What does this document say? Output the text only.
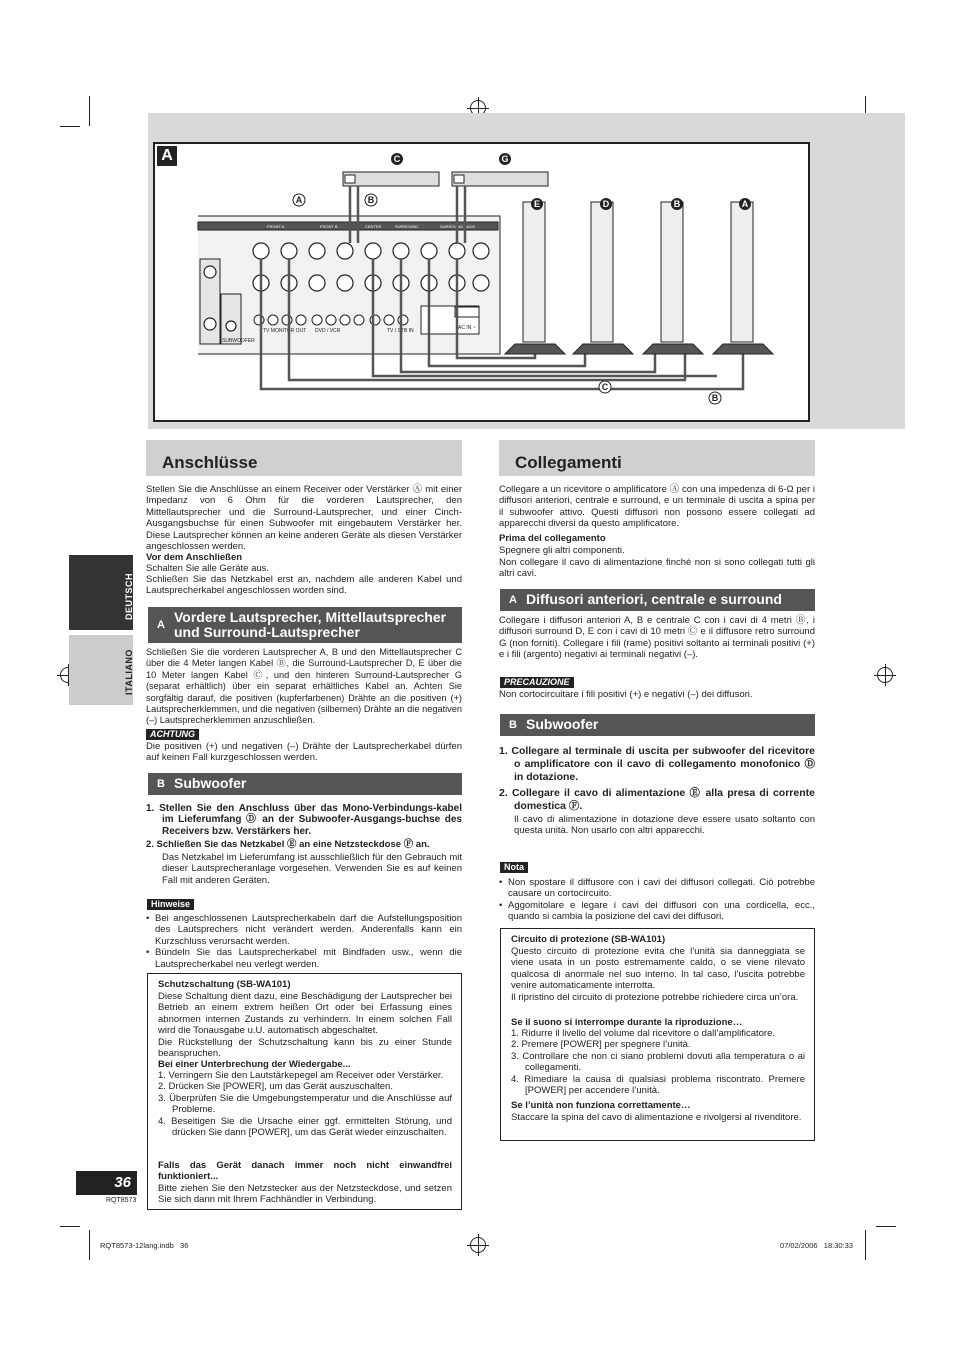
A
FRONT A	FRONT B	CENTER	SURROUND	SURROUND BACK
AC IN ~
TV MONITOR OUT DVD / VCR	TV / STB IN
SUBWOOFER
C	G
A	B	E	D	B	A
C
B
DEUTSCH
ITALIANO
Anschlüsse
Stellen Sie die Anschlüsse an einem Receiver oder Verstärker Ⓐ mit einer Impedanz von 6 Ohm für die vorderen Lautsprecher, den Mittellautsprecher und die Surround-Lautsprecher, und einer Cinch-Ausgangsbuchse für einen Subwoofer mit eingebautem Verstärker her. Diese Lautsprecher können an keine anderen Geräte als diesen Verstärker angeschlossen werden.
Vor dem Anschließen
Schalten Sie alle Geräte aus.
Schließen Sie das Netzkabel erst an, nachdem alle anderen Kabel und Lautsprecherkabel angeschlossen worden sind.
A Vordere Lautsprecher, Mittellautsprecher und Surround-Lautsprecher
Schließen Sie die vorderen Lautsprecher A, B und den Mittellautsprecher C über die 4 Meter langen Kabel Ⓑ, die Surround-Lautsprecher D, E über die 10 Meter langen Kabel Ⓒ, und den hinteren Surround-Lautsprecher G (separat erhältlich) über ein separat erhältliches Kabel an. Achten Sie sorgfältig darauf, die positiven (kupferfarbenen) Drähte an die positiven (+) Lautsprecherklemmen, und die negativen (silbernen) Drähte an die negativen (–) Lautsprecherklemmen anzuschließen.
ACHTUNG
Die positiven (+) und negativen (–) Drähte der Lautsprecherkabel dürfen auf keinen Fall kurzgeschlossen werden.
B Subwoofer
1. Stellen Sie den Anschluss über das Mono-Verbindungs-kabel im Lieferumfang Ⓓ an der Subwoofer-Ausgangs-buchse des Receivers bzw. Verstärkers her.
2. Schließen Sie das Netzkabel Ⓔ an eine Netzsteckdose Ⓕ an.
Das Netzkabel im Lieferumfang ist ausschließlich für den Gebrauch mit dieser Lautsprecheranlage vorgesehen. Verwenden Sie es auf keinen Fall mit anderen Geräten.
Hinweise
• Bei angeschlossenen Lautsprecherkabeln darf die Aufstellungsposition des Lautsprechers nicht verändert werden. Anderenfalls kann ein Kurzschluss verursacht werden.
• Bündeln Sie das Lautsprecherkabel mit Bindfaden usw., wenn die Lautsprecherkabel neu verlegt werden.
Schutzschaltung (SB-WA101)
Diese Schaltung dient dazu, eine Beschädigung der Lautsprecher bei Betrieb an einem extrem heißen Ort oder bei Erfassung eines abnormen internen Zustands zu verhindern. In einem solchen Fall wird die Tonausgabe u.U. automatisch abgeschaltet.
Die Rückstellung der Schutzschaltung kann bis zu einer Stunde beanspruchen.
Bei einer Unterbrechung der Wiedergabe...
1. Verringern Sie den Lautstärkepegel am Receiver oder Verstärker.
2. Drücken Sie [POWER], um das Gerät auszuschalten.
3. Überprüfen Sie die Umgebungstemperatur und die Anschlüsse auf Probleme.
4. Beseitigen Sie die Ursache einer ggf. ermittelten Störung, und drücken Sie dann [POWER], um das Gerät wieder einzuschalten.
Falls das Gerät danach immer noch nicht einwandfrei funktioniert...
Bitte ziehen Sie den Netzstecker aus der Netzsteckdose, und setzen Sie sich dann mit Ihrem Fachhändler in Verbindung.
Collegamenti
Collegare a un ricevitore o amplificatore Ⓐ con una impedenza di 6-Ω per i diffusori anteriori, centrale e surround, e un terminale di uscita a spina per il subwoofer attivo. Questi diffusori non possono essere collegati ad apparecchi diversi da questo amplificatore.
Prima del collegamento
Spegnere gli altri componenti.
Non collegare il cavo di alimentazione finché non si sono collegati tutti gli altri cavi.
A Diffusori anteriori, centrale e surround
Collegare i diffusori anteriori A, B e centrale C con i cavi di 4 metri Ⓑ, i diffusori surround D, E con i cavi di 10 metri Ⓒ e il diffusore retro surround G (non forniti). Collegare i fili (rame) positivi soltanto ai terminali positivi (+) e i fili (argento) negativi ai terminali negativi (–).
PRECAUZIONE
Non cortocircuitare i fili positivi (+) e negativi (–) dei diffusori.
B Subwoofer
1. Collegare al terminale di uscita per subwoofer del ricevitore o amplificatore con il cavo di collegamento monofonico Ⓓ in dotazione.
2. Collegare il cavo di alimentazione Ⓔ alla presa di corrente domestica Ⓕ.
Il cavo di alimentazione in dotazione deve essere usato soltanto con questa unità. Non usarlo con altri apparecchi.
Nota
• Non spostare il diffusore con i cavi dei diffusori collegati. Ciò potrebbe causare un cortocircuito.
• Aggomitolare e legare i cavi dei diffusori con una cordicella, ecc., quando si cambia la posizione del cavi dei diffusori.
Circuito di protezione (SB-WA101)
Questo circuito di protezione evita che l’unità sia danneggiata se viene usata in un posto estremamente caldo, o se viene rilevato qualcosa di anormale nel suo interno. In tal caso, l’uscita potrebbe venire automaticamente interrotta.
Il ripristino del circuito di protezione potrebbe richiedere circa un’ora.
Se il suono si interrompe durante la riproduzione…
1. Ridurre il livello del volume dal ricevitore o dall’amplificatore.
2. Premere [POWER] per spegnere l’unità.
3. Controllare che non ci siano problemi dovuti alla temperatura o ai collegamenti.
4. Rimediare la causa di qualsiasi problema riscontrato. Premere [POWER] per accendere l’unità.
Se l’unità non funziona correttamente…
Staccare la spina del cavo di alimentazione e rivolgersi al rivenditore.
36
RQT8573
RQT8573-12lang.indb   36	07/02/2006   18:30:33
